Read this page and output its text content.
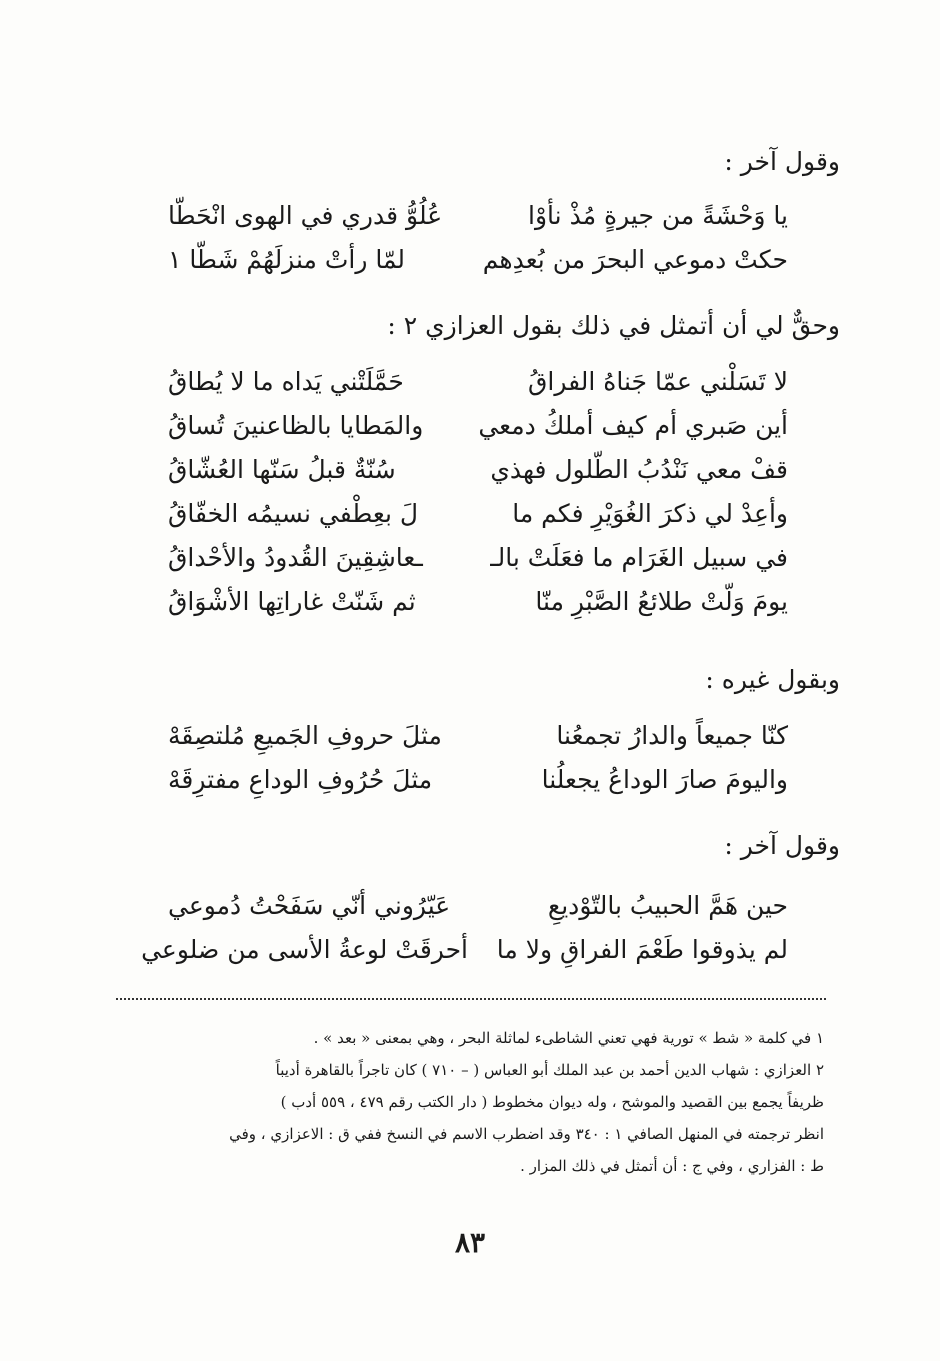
وقول آخر :
يا وَحْشَةً من جيرةٍ مُذْ نأوْا
عُلُوُّ قدري في الهوى انْحَطّا
حكتْ دموعي البحرَ من بُعدِهم
لمّا رأتْ منزلَهُمْ شَطّا ١
وحقٌّ لي أن أتمثل في ذلك بقول العزازي ٢ :
لا تَسَلْني عمّا جَناهُ الفراقُ
حَمَّلَتْني يَداه ما لا يُطاقُ
أين صَبري أم كيف أملكُ دمعي
والمَطايا بالظاعنينَ تُساقُ
قفْ معي نَنْدُبُ الطّلول فهذي
سُنّةٌ قبلُ سَنّها العُشّاقُ
وأعِدْ لي ذكرَ الغُوَيْرِ فكم ما
لَ بعِطْفي نسيمُه الخفّاقُ
في سبيل الغَرَام ما فعَلَتْ بالـ
ـعاشِقِينَ القُدودُ والأحْداقُ
يومَ وَلّتْ طلائعُ الصَّبْرِ منّا
ثم شَنّتْ غاراتِها الأشْوَاقُ
وبقول غيره :
كنّا جميعاً والدارُ تجمعُنا
مثلَ حروفِ الجَميعِ مُلتصِقَهْ
واليومَ صارَ الوداعُ يجعلُنا
مثلَ حُرُوفِ الوداعِ مفترِقَهْ
وقول آخر :
حين هَمَّ الحبيبُ بالتّوْديعِ
عَيّرُوني أنّي سَفَحْتُ دُموعي
لم يذوقوا طَعْمَ الفراقِ ولا ما
أحرقَتْ لوعةُ الأسى من ضلوعي

١ في كلمة « شط » تورية فهي تعني الشاطىء لماثلة البحر ، وهي بمعنى « بعد » .

٢ العزازي : شهاب الدين أحمد بن عبد الملك أبو العباس ( – ٧١٠ ) كان تاجراً بالقاهرة أديباً

ظريفاً يجمع بين القصيد والموشح ، وله ديوان مخطوط ( دار الكتب رقم ٤٧٩ ، ٥٥٩ أدب )

انظر ترجمته في المنهل الصافي ١ : ٣٤٠ وقد اضطرب الاسم في النسخ ففي ق : الاعزازي ، وفي

ط : الفزاري ، وفي ج : أن أتمثل في ذلك المزار .

٨٣
